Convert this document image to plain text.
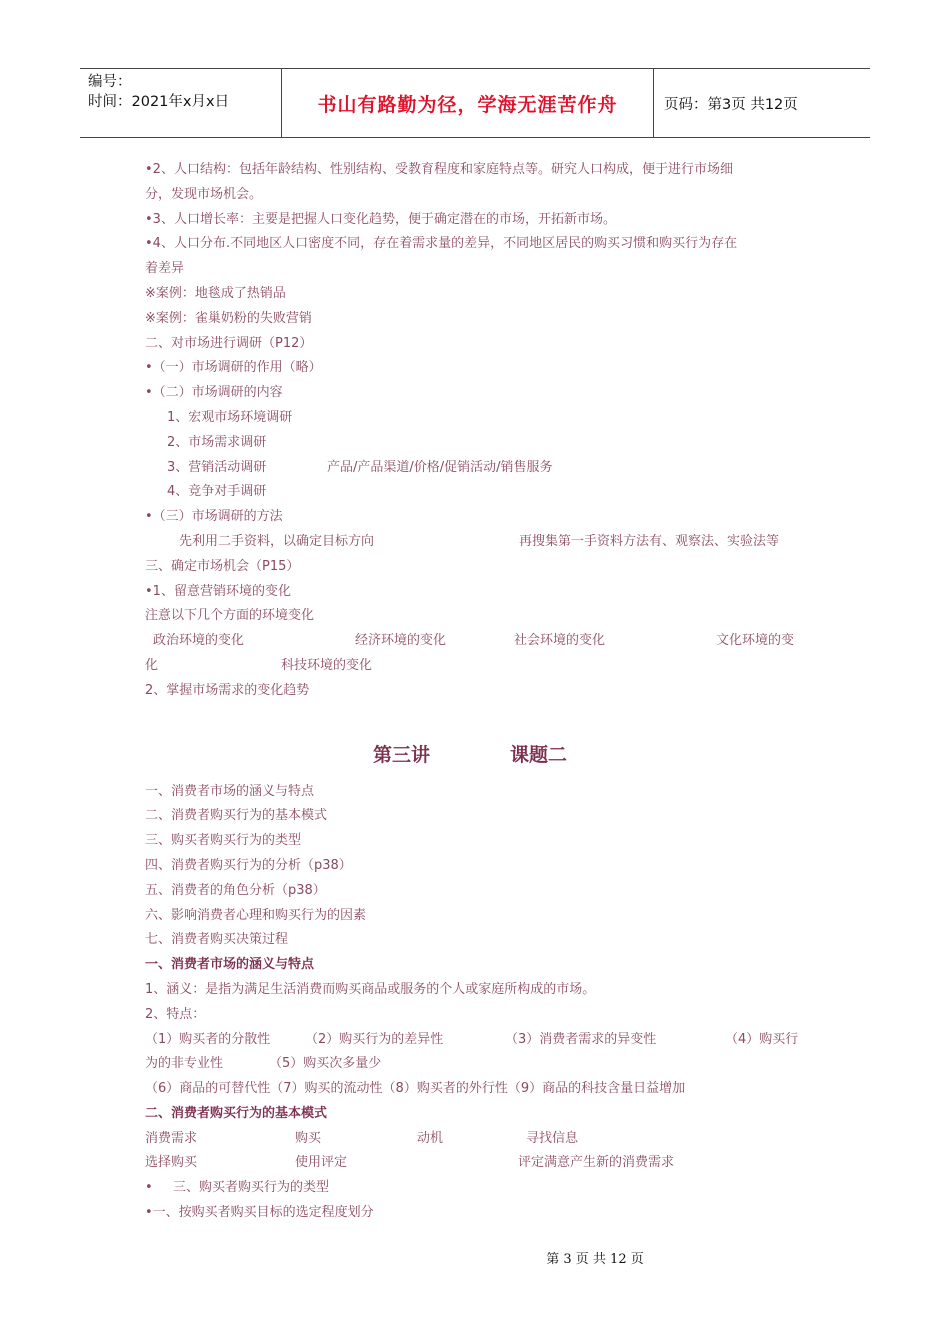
编号：
时间：2021年x月x日	书山有路勤为径，学海无涯苦作舟	页码：第3页 共12页
•2、人口结构：包括年龄结构、性别结构、受教育程度和家庭特点等。研究人口构成，便于进行市场细
分，发现市场机会。
•3、人口增长率：主要是把握人口变化趋势，便于确定潜在的市场，开拓新市场。
•4、人口分布.不同地区人口密度不同，存在着需求量的差异，不同地区居民的购买习惯和购买行为存在
着差异
※案例：地毯成了热销品
※案例：雀巢奶粉的失败营销
二、对市场进行调研（P12）
•（一）市场调研的作用（略）
•（二）市场调研的内容
1、宏观市场环境调研
2、市场需求调研
3、营销活动调研	产品/产品渠道/价格/促销活动/销售服务
4、竞争对手调研
•（三）市场调研的方法
先利用二手资料，以确定目标方向	再搜集第一手资料方法有、观察法、实验法等
三、确定市场机会（P15）
•1、留意营销环境的变化
注意以下几个方面的环境变化
政治环境的变化	经济环境的变化	社会环境的变化	文化环境的变
化	科技环境的变化
2、掌握市场需求的变化趋势
第三讲	课题二
一、消费者市场的涵义与特点
二、消费者购买行为的基本模式
三、购买者购买行为的类型
四、消费者购买行为的分析（p38）
五、消费者的角色分析（p38）
六、影响消费者心理和购买行为的因素
七、消费者购买决策过程
一、消费者市场的涵义与特点
1、涵义：是指为满足生活消费而购买商品或服务的个人或家庭所构成的市场。
2、特点：
（1）购买者的分散性	（2）购买行为的差异性	（3）消费者需求的异变性	（4）购买行
为的非专业性	（5）购买次多量少
（6）商品的可替代性（7）购买的流动性（8）购买者的外行性（9）商品的科技含量日益增加
二、消费者购买行为的基本模式
消费需求	购买	动机	寻找信息
选择购买	使用评定	评定满意产生新的消费需求
• 三、购买者购买行为的类型
•一、按购买者购买目标的选定程度划分
第 3 页 共 12 页
